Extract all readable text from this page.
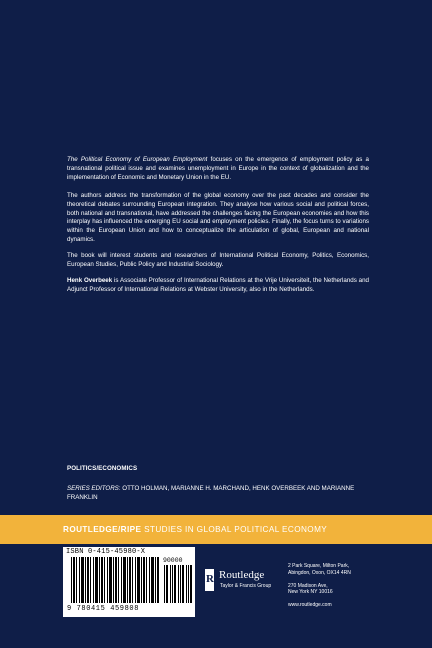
The Political Economy of European Employment focuses on the emergence of employment policy as a transnational political issue and examines unemployment in Europe in the context of globalization and the implementation of Economic and Monetary Union in the EU.

The authors address the transformation of the global economy over the past decades and consider the theoretical debates surrounding European integration. They analyse how various social and political forces, both national and transnational, have addressed the challenges facing the European economies and how this interplay has influenced the emerging EU social and employment policies. Finally, the focus turns to variations within the European Union and how to conceptualize the articulation of global, European and national dynamics.

The book will interest students and researchers of International Political Economy, Politics, Economics, European Studies, Public Policy and Industrial Sociology.

Henk Overbeek is Associate Professor of International Relations at the Vrije Universiteit, the Netherlands and Adjunct Professor of International Relations at Webster University, also in the Netherlands.

POLITICS/ECONOMICS
SERIES EDITORS: OTTO HOLMAN, MARIANNE H. MARCHAND, HENK OVERBEEK AND MARIANNE FRANKLIN
ROUTLEDGE/RIPE STUDIES IN GLOBAL POLITICAL ECONOMY
ISBN 0-415-45980-X
90000
9 780415 459808
R Routledge
Taylor & Francis Group
2 Park Square, Milton Park,
Abingdon, Oxon, OX14 4RN
270 Madison Ave,
New York NY 10016
www.routledge.com
